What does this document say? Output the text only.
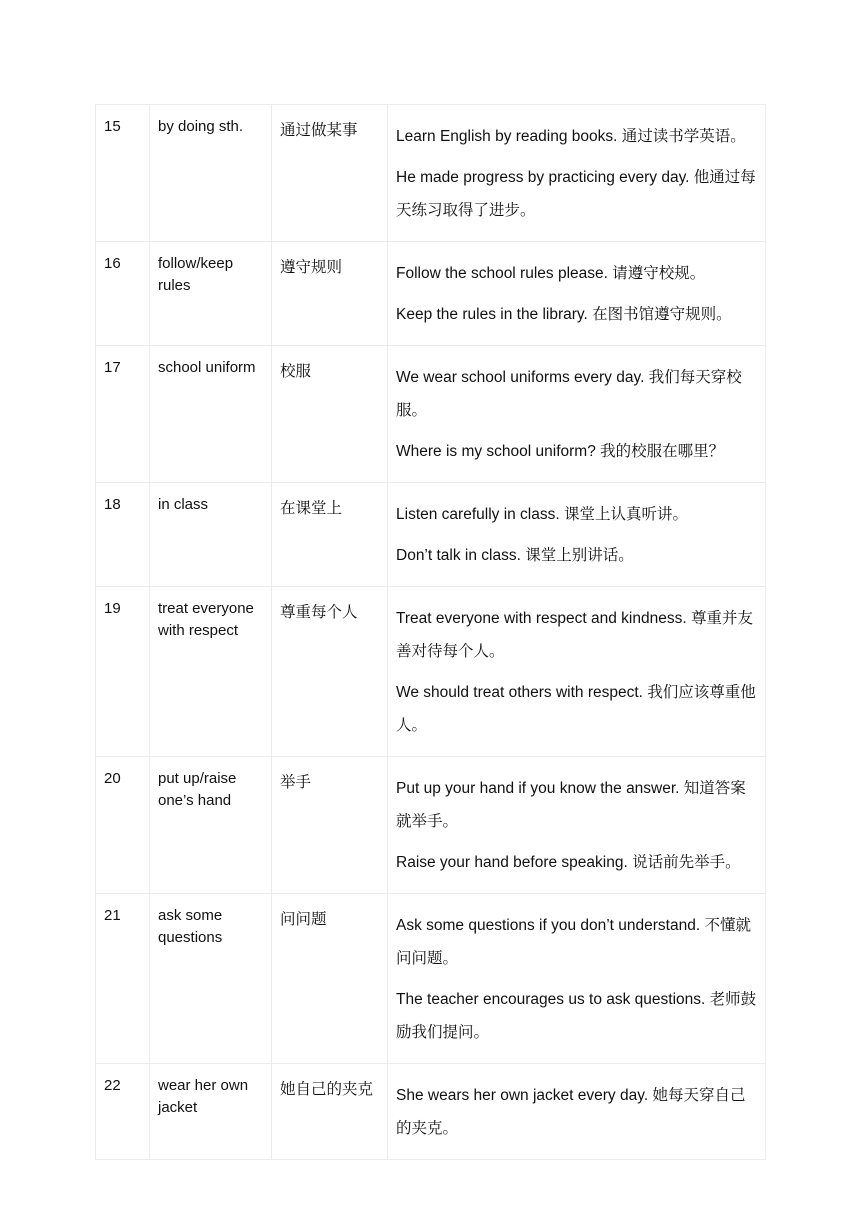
15	by doing sth.	通过做某事	Learn English by reading books. 通过读书学英语。

He made progress by practicing every day. 他通过每天练习取得了进步。

16	follow/keep rules	遵守规则	Follow the school rules please. 请遵守校规。

Keep the rules in the library. 在图书馆遵守规则。

17	school uniform	校服	We wear school uniforms every day. 我们每天穿校服。

Where is my school uniform? 我的校服在哪里？

18	in class	在课堂上	Listen carefully in class. 课堂上认真听讲。

Don’t talk in class. 课堂上别讲话。

19	treat everyone with respect	尊重每个人	Treat everyone with respect and kindness. 尊重并友善对待每个人。

We should treat others with respect. 我们应该尊重他人。

20	put up/raise one’s hand	举手	Put up your hand if you know the answer. 知道答案就举手。

Raise your hand before speaking. 说话前先举手。

21	ask some questions	问问题	Ask some questions if you don’t understand. 不懂就问问题。

The teacher encourages us to ask questions. 老师鼓励我们提问。

22	wear her own jacket	她自己的夹克	She wears her own jacket every day. 她每天穿自己的夹克。
